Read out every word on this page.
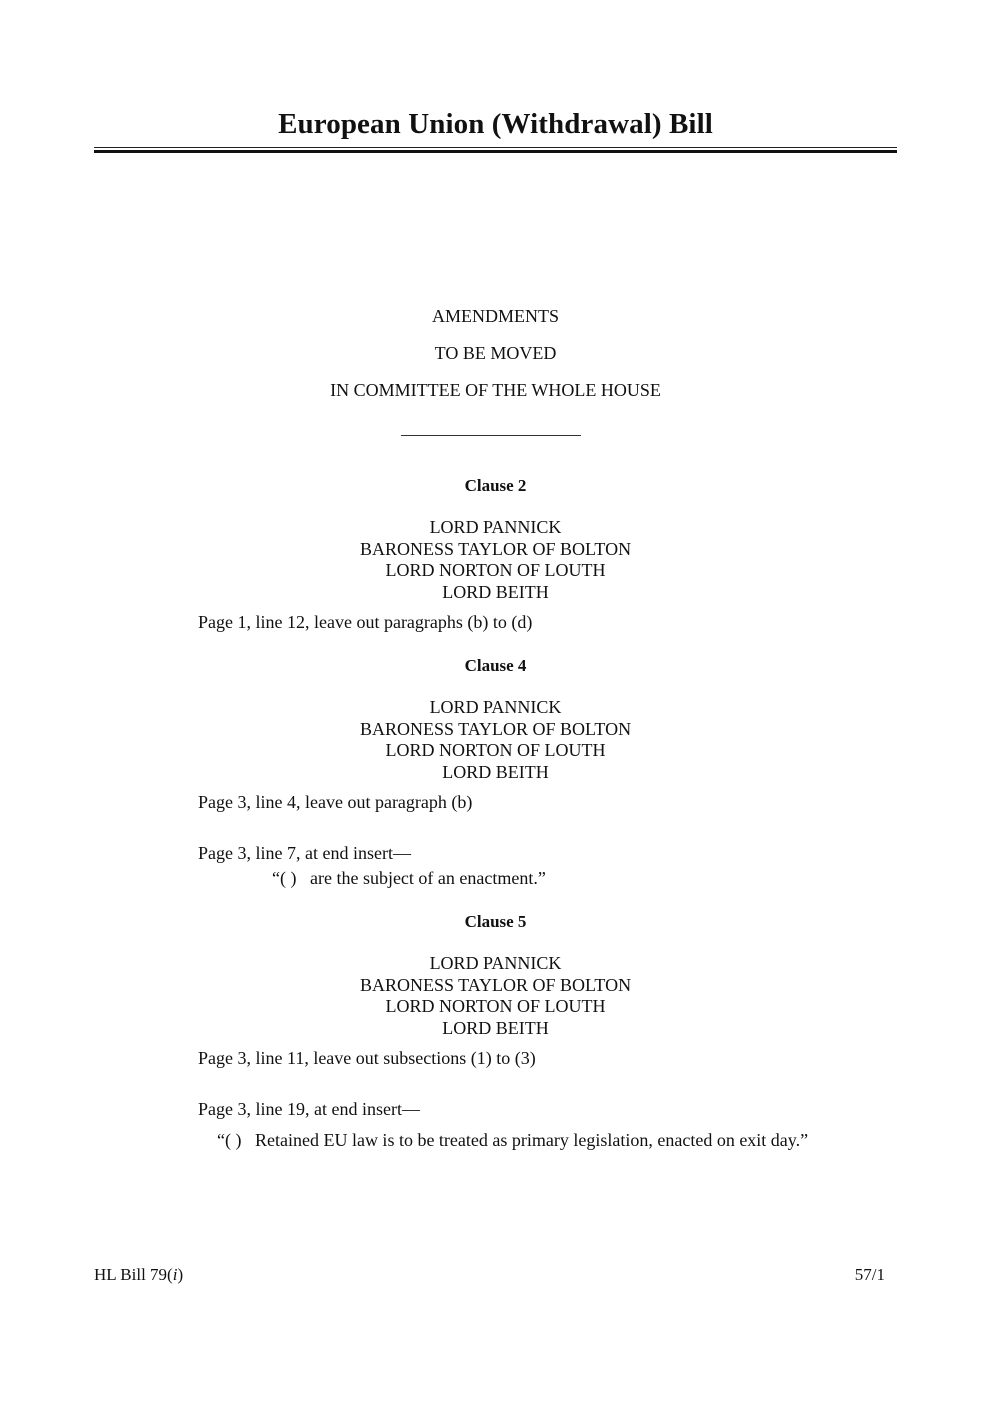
European Union (Withdrawal) Bill
AMENDMENTS
TO BE MOVED
IN COMMITTEE OF THE WHOLE HOUSE
Clause 2
LORD PANNICK
BARONESS TAYLOR OF BOLTON
LORD NORTON OF LOUTH
LORD BEITH
Page 1, line 12, leave out paragraphs (b) to (d)
Clause 4
LORD PANNICK
BARONESS TAYLOR OF BOLTON
LORD NORTON OF LOUTH
LORD BEITH
Page 3, line 4, leave out paragraph (b)
Page 3, line 7, at end insert—
“( )   are the subject of an enactment.”
Clause 5
LORD PANNICK
BARONESS TAYLOR OF BOLTON
LORD NORTON OF LOUTH
LORD BEITH
Page 3, line 11, leave out subsections (1) to (3)
Page 3, line 19, at end insert—
“( )   Retained EU law is to be treated as primary legislation, enacted on exit day.”
HL Bill 79(i)	57/1
